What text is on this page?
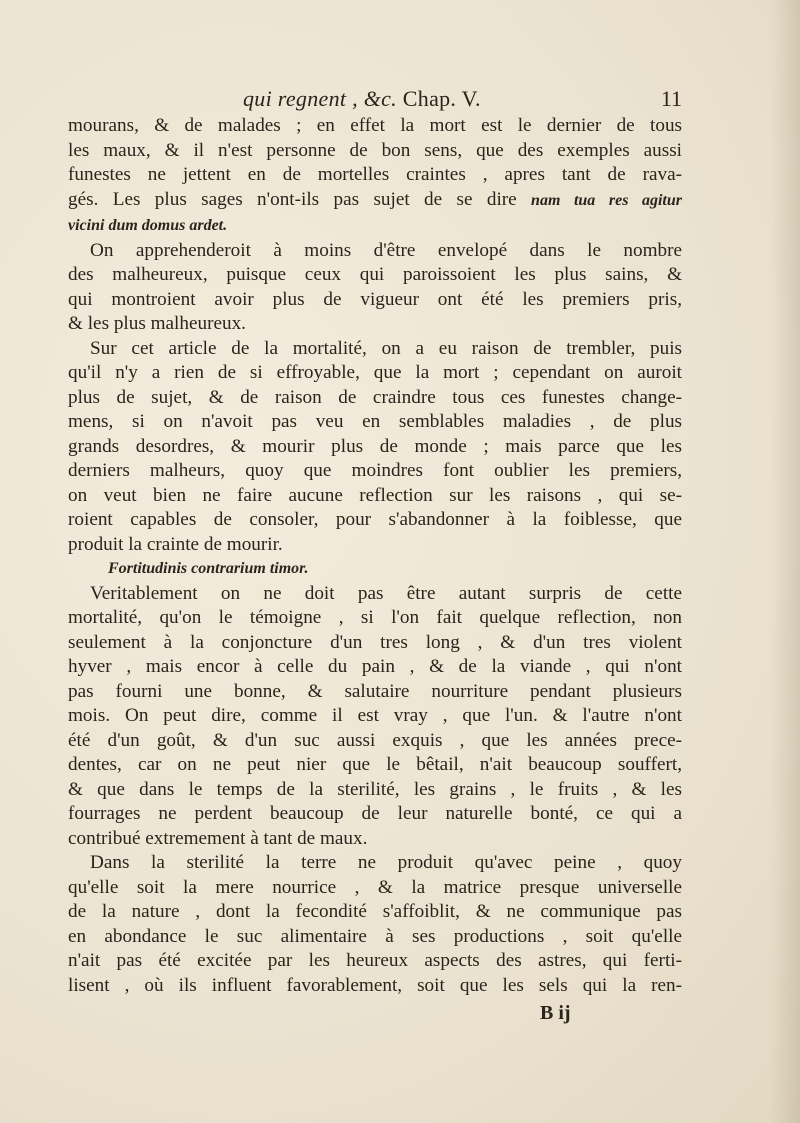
qui regnent , &c. Chap. V.	11
mourans, & de malades ; en effet la mort est le dernier de tous
les maux, & il n'est personne de bon sens, que des exemples aussi
funestes ne jettent en de mortelles craintes , apres tant de rava-
gés. Les plus sages n'ont-ils pas sujet de se dire nam tua res agitur
vicini dum domus ardet.
On apprehenderoit à moins d'être envelopé dans le nombre
des malheureux, puisque ceux qui paroissoient les plus sains, &
qui montroient avoir plus de vigueur ont été les premiers pris,
& les plus malheureux.
Sur cet article de la mortalité, on a eu raison de trembler, puis
qu'il n'y a rien de si effroyable, que la mort ; cependant on auroit
plus de sujet, & de raison de craindre tous ces funestes change-
mens, si on n'avoit pas veu en semblables maladies , de plus
grands desordres, & mourir plus de monde ; mais parce que les
derniers malheurs, quoy que moindres font oublier les premiers,
on veut bien ne faire aucune reflection sur les raisons , qui se-
roient capables de consoler, pour s'abandonner à la foiblesse, que
produit la crainte de mourir.
Fortitudinis contrarium timor.
Veritablement on ne doit pas être autant surpris de cette
mortalité, qu'on le témoigne , si l'on fait quelque reflection, non
seulement à la conjoncture d'un tres long , & d'un tres violent
hyver , mais encor à celle du pain , & de la viande , qui n'ont
pas fourni une bonne, & salutaire nourriture pendant plusieurs
mois. On peut dire, comme il est vray , que l'un. & l'autre n'ont
été d'un goût, & d'un suc aussi exquis , que les années prece-
dentes, car on ne peut nier que le bêtail, n'ait beaucoup souffert,
& que dans le temps de la sterilité, les grains , le fruits , & les
fourrages ne perdent beaucoup de leur naturelle bonté, ce qui a
contribué extremement à tant de maux.
Dans la sterilité la terre ne produit qu'avec peine , quoy
qu'elle soit la mere nourrice , & la matrice presque universelle
de la nature , dont la fecondité s'affoiblit, & ne communique pas
en abondance le suc alimentaire à ses productions , soit qu'elle
n'ait pas été excitée par les heureux aspects des astres, qui ferti-
lisent , où ils influent favorablement, soit que les sels qui la ren-
B ij
